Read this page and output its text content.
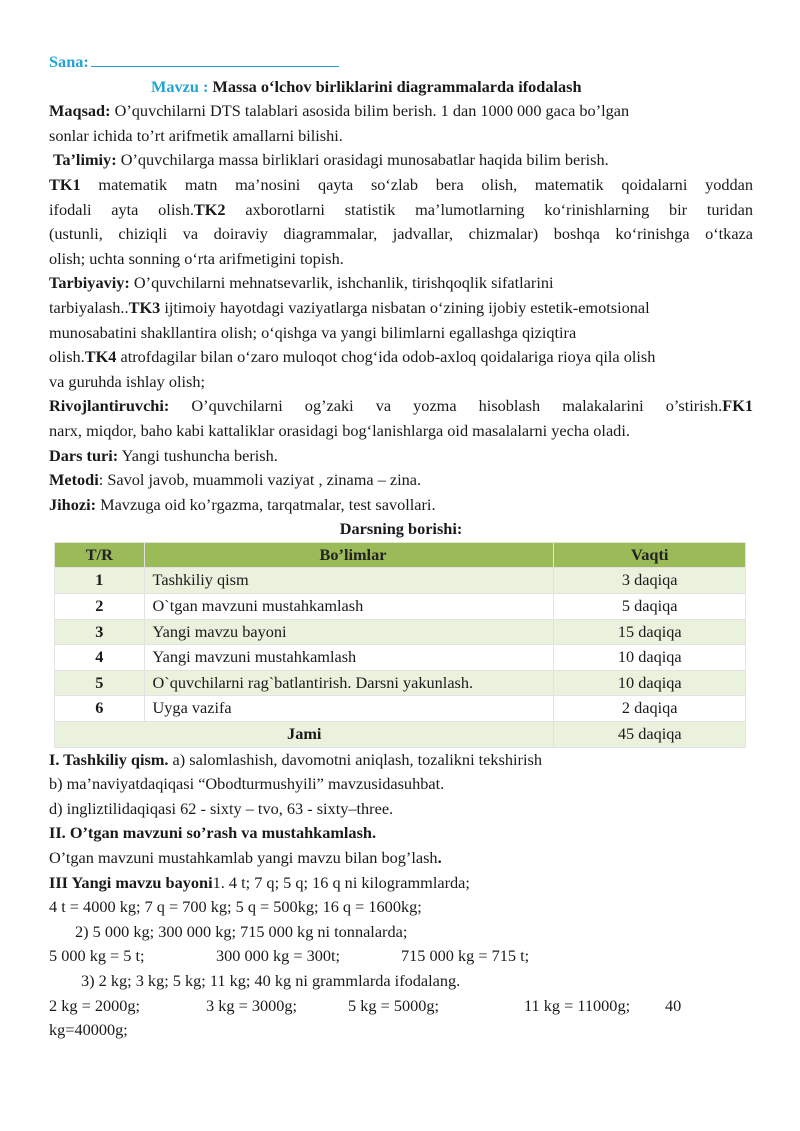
Sana:
Mavzu : Massa o‘lchov birliklarini diagrammalarda ifodalash
Maqsad: O’quvchilarni DTS talablari asosida bilim berish. 1 dan 1000 000 gaca bo’lgan
sonlar ichida to’rt arifmetik amallarni bilishi.
Ta’limiy: O’quvchilarga massa birliklari orasidagi munosabatlar haqida bilim berish.
TK1 matematik matn ma’nosini qayta so‘zlab bera olish, matematik qoidalarni yoddan
ifodali ayta olish.TK2 axborotlarni statistik ma’lumotlarning ko‘rinishlarning bir turidan
(ustunli, chiziqli va doiraviy diagrammalar, jadvallar, chizmalar) boshqa ko‘rinishga o‘tkaza
olish; uchta sonning o‘rta arifmetigini topish.
Tarbiyaviy: O’quvchilarni mehnatsevarlik, ishchanlik, tirishqoqlik sifatlarini
tarbiyalash..TK3 ijtimoiy hayotdagi vaziyatlarga nisbatan o‘zining ijobiy estetik-emotsional
munosabatini shakllantira olish; o‘qishga va yangi bilimlarni egallashga qiziqtira
olish.TK4 atrofdagilar bilan o‘zaro muloqot chog‘ida odob-axloq qoidalariga rioya qila olish
va guruhda ishlay olish;
Rivojlantiruvchi: O’quvchilarni og’zaki va yozma hisoblash malakalarini o’stirish.FK1
narx, miqdor, baho kabi kattaliklar orasidagi bog‘lanishlarga oid masalalarni yecha oladi.
Dars turi: Yangi tushuncha berish.
Metodi: Savol javob, muammoli vaziyat , zinama – zina.
Jihozi: Mavzuga oid ko’rgazma, tarqatmalar, test savollari.
Darsning borishi:
T/R	Bo’limlar	Vaqti
1	Tashkiliy qism	3 daqiqa
2	O`tgan mavzuni mustahkamlash	5 daqiqa
3	Yangi mavzu bayoni	15 daqiqa
4	Yangi mavzuni mustahkamlash	10 daqiqa
5	O`quvchilarni rag`batlantirish. Darsni yakunlash.	10 daqiqa
6	Uyga vazifa	2 daqiqa
Jami		45 daqiqa
I. Tashkiliy qism. a) salomlashish, davomotni aniqlash, tozalikni tekshirish
b) ma’naviyatdaqiqasi “Obodturmushyili” mavzusidasuhbat.
d) ingliztilidaqiqasi 62 - sixty – tvo, 63 - sixty–three.
II. O’tgan mavzuni so’rash va mustahkamlash.
O’tgan mavzuni mustahkamlab yangi mavzu bilan bog’lash.
III Yangi mavzu bayoni1. 4 t; 7 q; 5 q; 16 q ni kilogrammlarda;
4 t = 4000 kg; 7 q = 700 kg; 5 q = 500kg; 16 q = 1600kg;
2) 5 000 kg; 300 000 kg; 715 000 kg ni tonnalarda;
5 000 kg = 5 t;	300 000 kg = 300t;	715 000 kg = 715 t;
3) 2 kg; 3 kg; 5 kg; 11 kg; 40 kg ni grammlarda ifodalang.
2 kg = 2000g;	3 kg = 3000g;	5 kg = 5000g;	11 kg = 11000g; 40
kg=40000g;
